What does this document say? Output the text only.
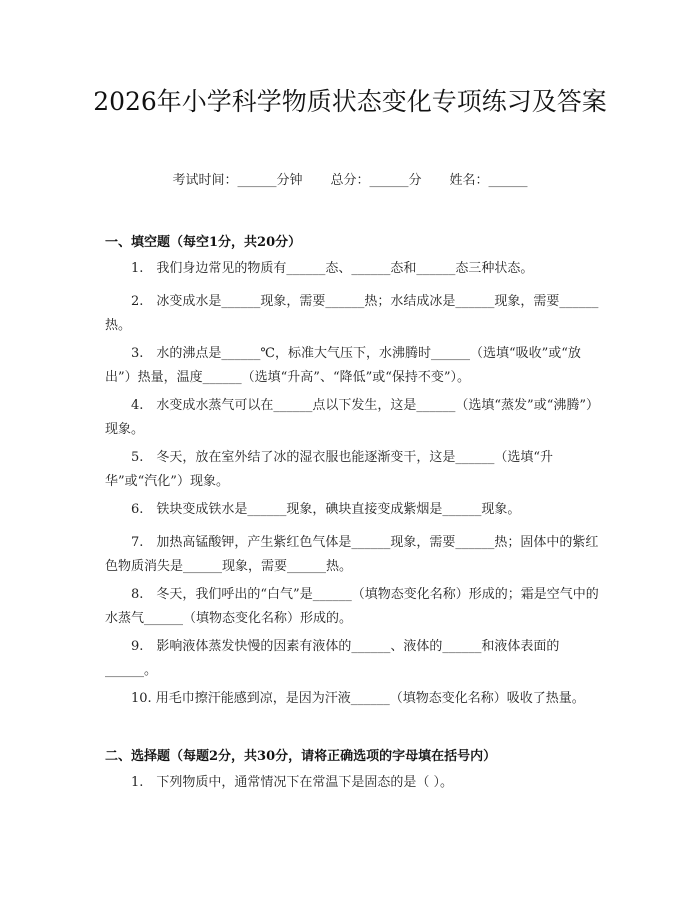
2026年小学科学物质状态变化专项练习及答案
考试时间：______分钟 总分：______分 姓名：______
一、填空题（每空1分，共20分）

1.　我们身边常见的物质有______态、______态和______态三种状态。

2.　冰变成水是______现象，需要______热；水结成冰是______现象，需要______热。

3.　水的沸点是______℃，标准大气压下，水沸腾时______（选填“吸收”或“放出”）热量，温度______（选填“升高”、“降低”或“保持不变”）。

4.　水变成水蒸气可以在______点以下发生，这是______（选填“蒸发”或“沸腾”）现象。

5.　冬天，放在室外结了冰的湿衣服也能逐渐变干，这是______（选填“升华”或“汽化”）现象。

6.　铁块变成铁水是______现象，碘块直接变成紫烟是______现象。

7.　加热高锰酸钾，产生紫红色气体是______现象，需要______热；固体中的紫红色物质消失是______现象，需要______热。

8.　冬天，我们呼出的“白气”是______（填物态变化名称）形成的；霜是空气中的水蒸气______（填物态变化名称）形成的。

9.　影响液体蒸发快慢的因素有液体的______、液体的______和液体表面的______。

10. 用毛巾擦汗能感到凉，是因为汗液______（填物态变化名称）吸收了热量。

二、选择题（每题2分，共30分，请将正确选项的字母填在括号内）

1.　下列物质中，通常情况下在常温下是固态的是（ ）。
